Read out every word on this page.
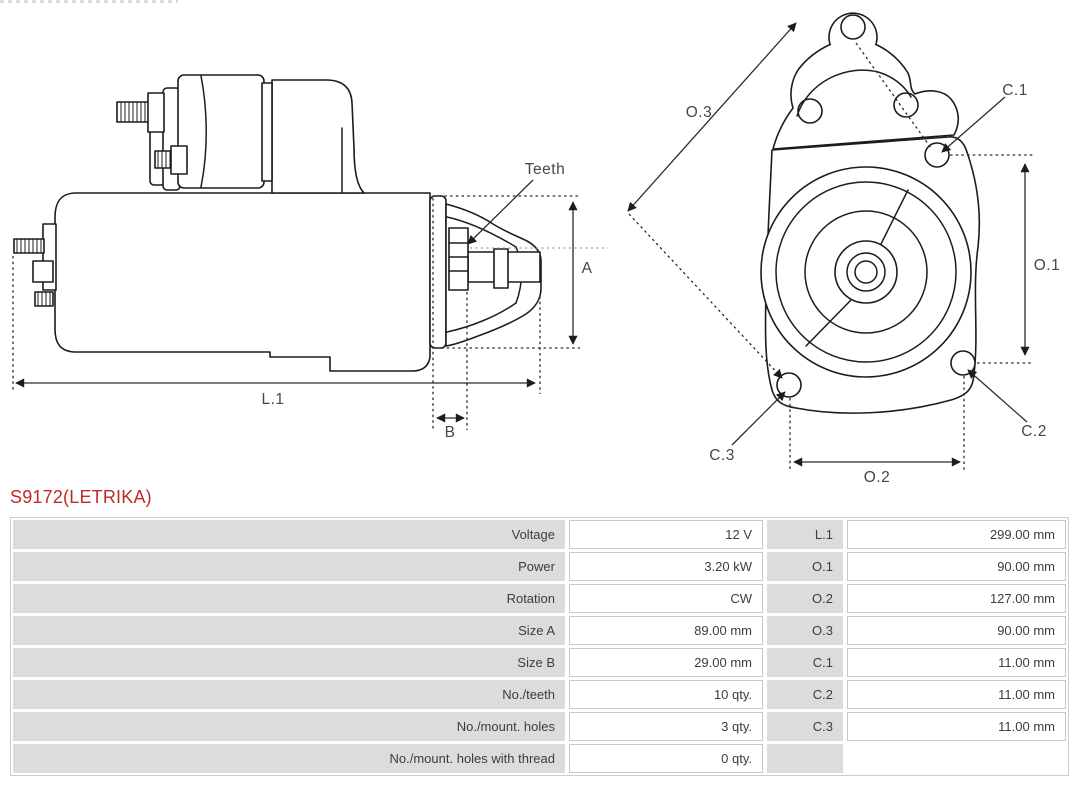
Teeth
A
L.1
B
O.3
C.1
O.1
C.2
C.3
O.2
S9172(LETRIKA)
Voltage	12 V	L.1	299.00 mm
Power	3.20 kW	O.1	90.00 mm
Rotation	CW	O.2	127.00 mm
Size A	89.00 mm	O.3	90.00 mm
Size B	29.00 mm	C.1	11.00 mm
No./teeth	10 qty.	C.2	11.00 mm
No./mount. holes	3 qty.	C.3	11.00 mm
No./mount. holes with thread	0 qty.
